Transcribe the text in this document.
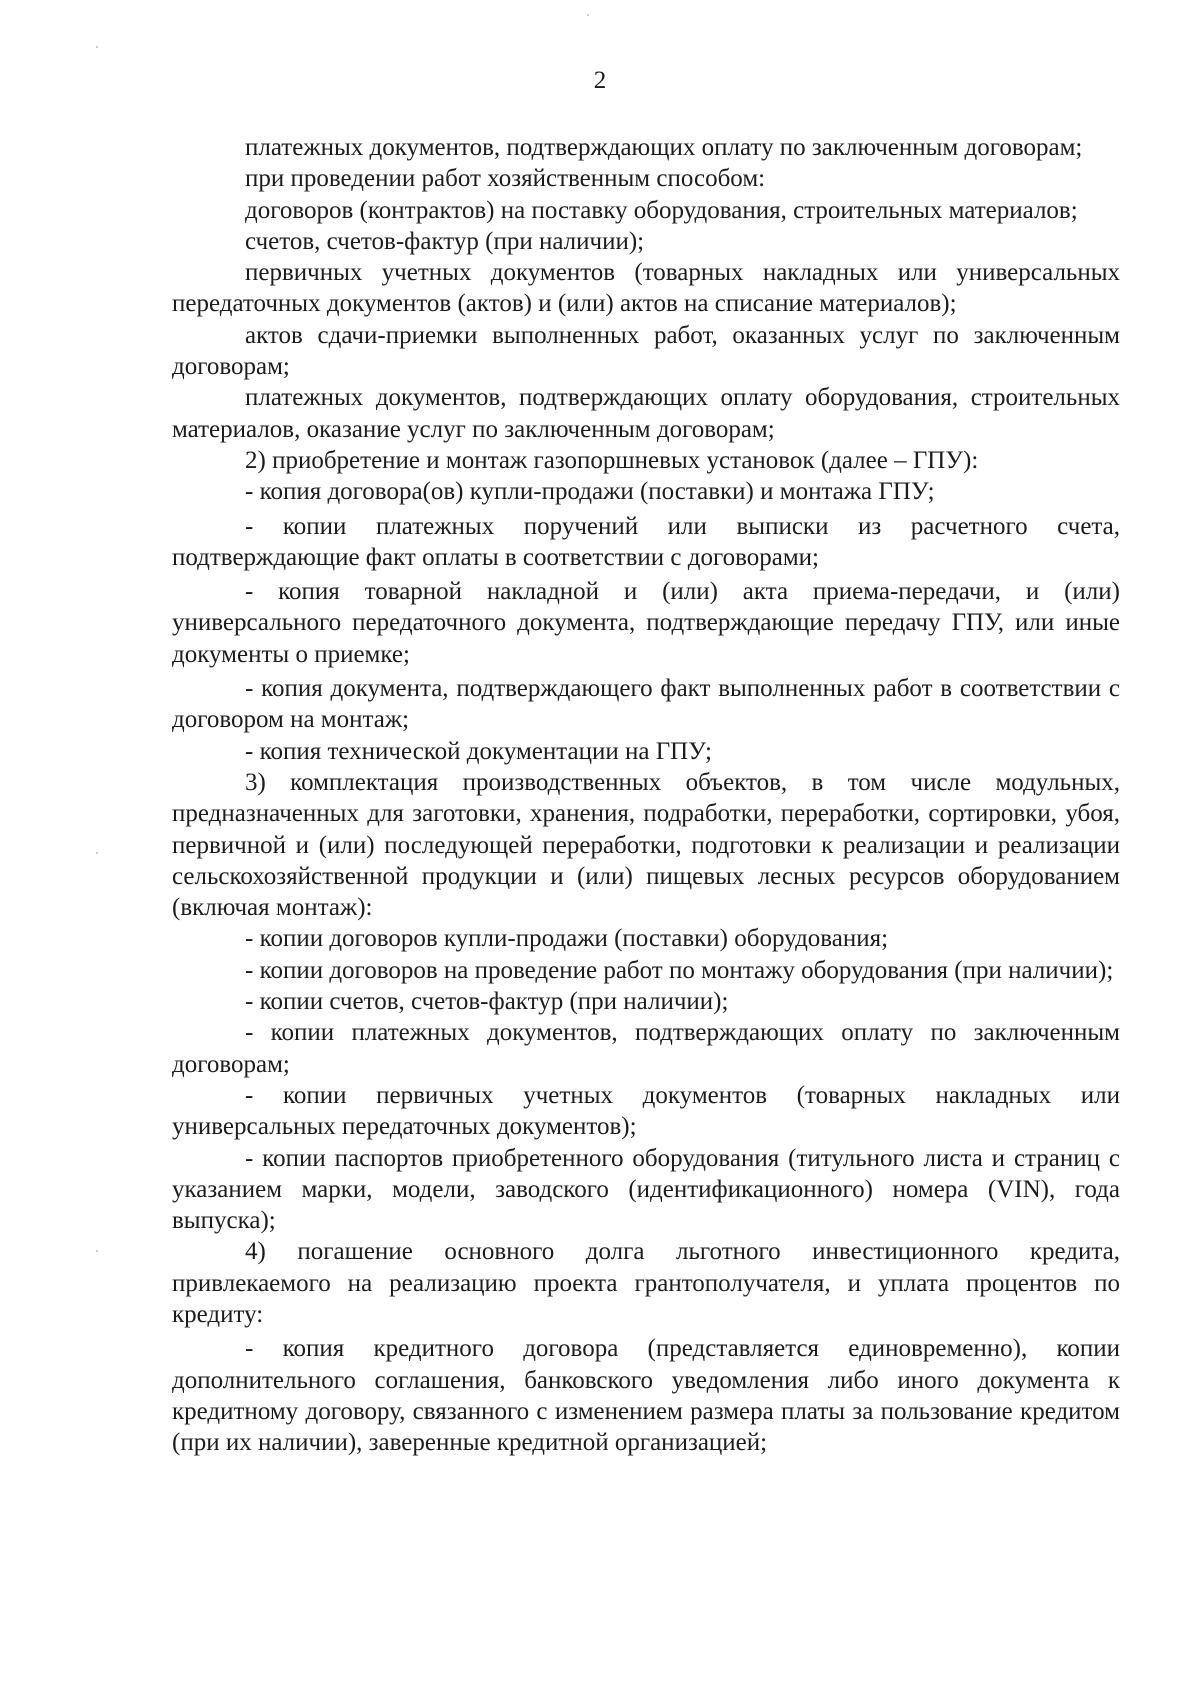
2

платежных документов, подтверждающих оплату по заключенным договорам;

при проведении работ хозяйственным способом:

договоров (контрактов) на поставку оборудования, строительных материалов;

счетов, счетов-фактур (при наличии);

первичных учетных документов (товарных накладных или универсальных передаточных документов (актов) и (или) актов на списание материалов);

актов сдачи-приемки выполненных работ, оказанных услуг по заключенным договорам;

платежных документов, подтверждающих оплату оборудования, строительных материалов, оказание услуг по заключенным договорам;

2) приобретение и монтаж газопоршневых установок (далее – ГПУ):

- копия договора(ов) купли-продажи (поставки) и монтажа ГПУ;

- копии платежных поручений или выписки из расчетного счета, подтверждающие факт оплаты в соответствии с договорами;

- копия товарной накладной и (или) акта приема-передачи, и (или) универсального передаточного документа, подтверждающие передачу ГПУ, или иные документы о приемке;

- копия документа, подтверждающего факт выполненных работ в соответствии с договором на монтаж;

- копия технической документации на ГПУ;

3) комплектация производственных объектов, в том числе модульных, предназначенных для заготовки, хранения, подработки, переработки, сортировки, убоя, первичной и (или) последующей переработки, подготовки к реализации и реализации сельскохозяйственной продукции и (или) пищевых лесных ресурсов оборудованием (включая монтаж):

- копии договоров купли-продажи (поставки) оборудования;

- копии договоров на проведение работ по монтажу оборудования (при наличии);

- копии счетов, счетов-фактур (при наличии);

- копии платежных документов, подтверждающих оплату по заключенным договорам;

- копии первичных учетных документов (товарных накладных или универсальных передаточных документов);

- копии паспортов приобретенного оборудования (титульного листа и страниц с указанием марки, модели, заводского (идентификационного) номера (VIN), года выпуска);

4) погашение основного долга льготного инвестиционного кредита, привлекаемого на реализацию проекта грантополучателя, и уплата процентов по кредиту:

- копия кредитного договора (представляется единовременно), копии дополнительного соглашения, банковского уведомления либо иного документа к кредитному договору, связанного с изменением размера платы за пользование кредитом (при их наличии), заверенные кредитной организацией;
